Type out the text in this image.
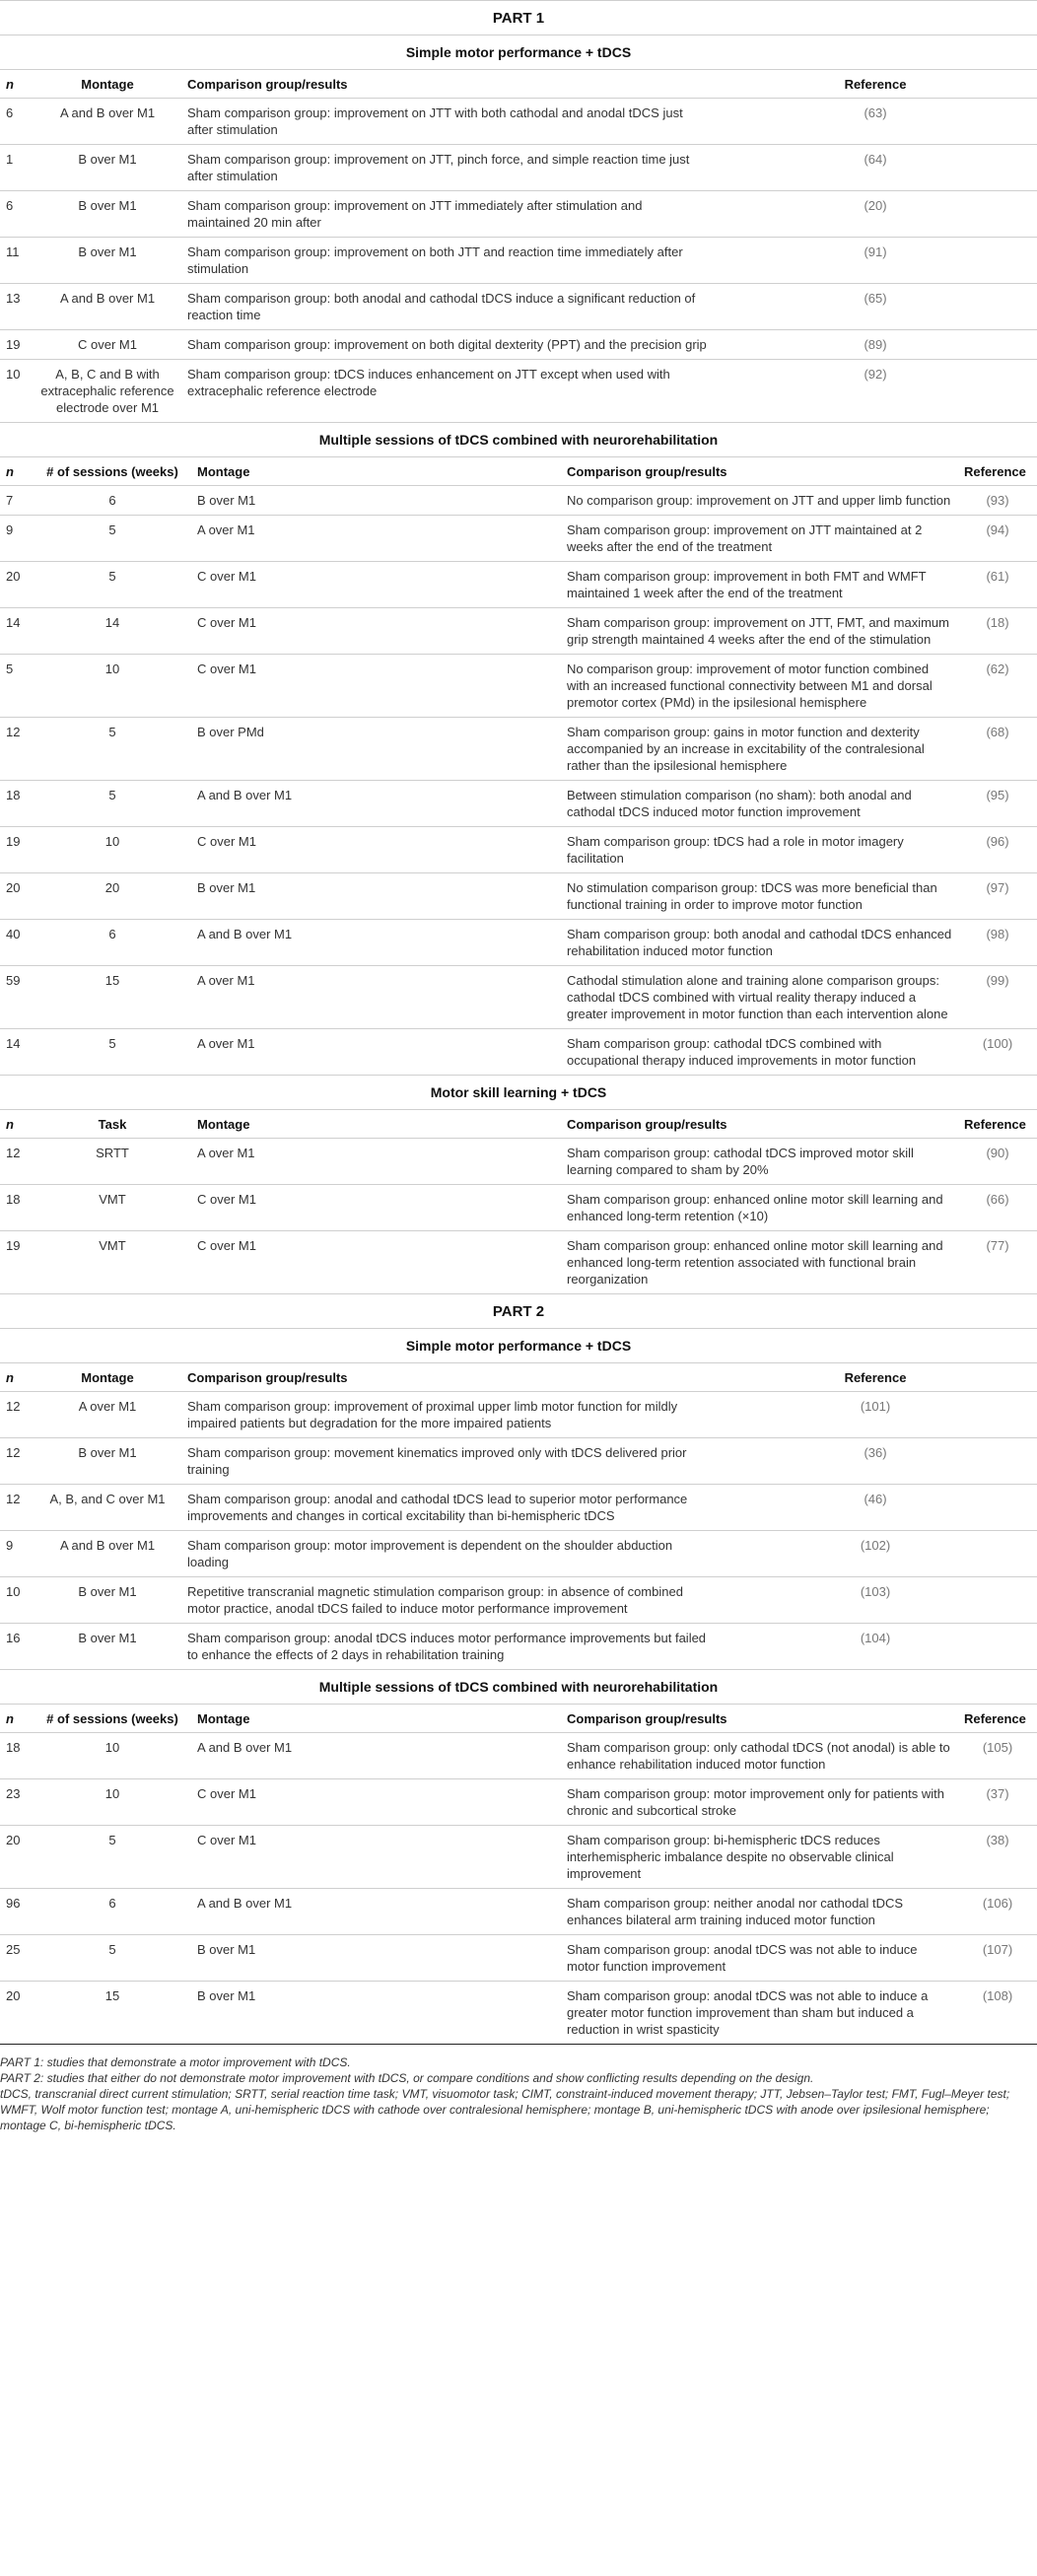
PART 1
Simple motor performance + tDCS
n	Montage	Comparison group/results	Reference
6	A and B over M1	Sham comparison group: improvement on JTT with both cathodal and anodal tDCS just after stimulation	(63)
1	B over M1	Sham comparison group: improvement on JTT, pinch force, and simple reaction time just after stimulation	(64)
6	B over M1	Sham comparison group: improvement on JTT immediately after stimulation and maintained 20 min after	(20)
11	B over M1	Sham comparison group: improvement on both JTT and reaction time immediately after stimulation	(91)
13	A and B over M1	Sham comparison group: both anodal and cathodal tDCS induce a significant reduction of reaction time	(65)
19	C over M1	Sham comparison group: improvement on both digital dexterity (PPT) and the precision grip	(89)
10	A, B, C and B with extracephalic reference electrode over M1	Sham comparison group: tDCS induces enhancement on JTT except when used with extracephalic reference electrode	(92)
Multiple sessions of tDCS combined with neurorehabilitation
n	# of sessions (weeks)	Montage	Comparison group/results	Reference
7	6	B over M1	No comparison group: improvement on JTT and upper limb function	(93)
9	5	A over M1	Sham comparison group: improvement on JTT maintained at 2 weeks after the end of the treatment	(94)
20	5	C over M1	Sham comparison group: improvement in both FMT and WMFT maintained 1 week after the end of the treatment	(61)
14	14	C over M1	Sham comparison group: improvement on JTT, FMT, and maximum grip strength maintained 4 weeks after the end of the stimulation	(18)
5	10	C over M1	No comparison group: improvement of motor function combined with an increased functional connectivity between M1 and dorsal premotor cortex (PMd) in the ipsilesional hemisphere	(62)
12	5	B over PMd	Sham comparison group: gains in motor function and dexterity accompanied by an increase in excitability of the contralesional rather than the ipsilesional hemisphere	(68)
18	5	A and B over M1	Between stimulation comparison (no sham): both anodal and cathodal tDCS induced motor function improvement	(95)
19	10	C over M1	Sham comparison group: tDCS had a role in motor imagery facilitation	(96)
20	20	B over M1	No stimulation comparison group: tDCS was more beneficial than functional training in order to improve motor function	(97)
40	6	A and B over M1	Sham comparison group: both anodal and cathodal tDCS enhanced rehabilitation induced motor function	(98)
59	15	A over M1	Cathodal stimulation alone and training alone comparison groups: cathodal tDCS combined with virtual reality therapy induced a greater improvement in motor function than each intervention alone	(99)
14	5	A over M1	Sham comparison group: cathodal tDCS combined with occupational therapy induced improvements in motor function	(100)
Motor skill learning + tDCS
n	Task	Montage	Comparison group/results	Reference
12	SRTT	A over M1	Sham comparison group: cathodal tDCS improved motor skill learning compared to sham by 20%	(90)
18	VMT	C over M1	Sham comparison group: enhanced online motor skill learning and enhanced long-term retention (×10)	(66)
19	VMT	C over M1	Sham comparison group: enhanced online motor skill learning and enhanced long-term retention associated with functional brain reorganization	(77)
PART 2
Simple motor performance + tDCS
n	Montage	Comparison group/results	Reference
12	A over M1	Sham comparison group: improvement of proximal upper limb motor function for mildly impaired patients but degradation for the more impaired patients	(101)
12	B over M1	Sham comparison group: movement kinematics improved only with tDCS delivered prior training	(36)
12	A, B, and C over M1	Sham comparison group: anodal and cathodal tDCS lead to superior motor performance improvements and changes in cortical excitability than bi-hemispheric tDCS	(46)
9	A and B over M1	Sham comparison group: motor improvement is dependent on the shoulder abduction loading	(102)
10	B over M1	Repetitive transcranial magnetic stimulation comparison group: in absence of combined motor practice, anodal tDCS failed to induce motor performance improvement	(103)
16	B over M1	Sham comparison group: anodal tDCS induces motor performance improvements but failed to enhance the effects of 2 days in rehabilitation training	(104)
Multiple sessions of tDCS combined with neurorehabilitation
n	# of sessions (weeks)	Montage	Comparison group/results	Reference
18	10	A and B over M1	Sham comparison group: only cathodal tDCS (not anodal) is able to enhance rehabilitation induced motor function	(105)
23	10	C over M1	Sham comparison group: motor improvement only for patients with chronic and subcortical stroke	(37)
20	5	C over M1	Sham comparison group: bi-hemispheric tDCS reduces interhemispheric imbalance despite no observable clinical improvement	(38)
96	6	A and B over M1	Sham comparison group: neither anodal nor cathodal tDCS enhances bilateral arm training induced motor function	(106)
25	5	B over M1	Sham comparison group: anodal tDCS was not able to induce motor function improvement	(107)
20	15	B over M1	Sham comparison group: anodal tDCS was not able to induce a greater motor function improvement than sham but induced a reduction in wrist spasticity	(108)
PART 1: studies that demonstrate a motor improvement with tDCS.
PART 2: studies that either do not demonstrate motor improvement with tDCS, or compare conditions and show conflicting results depending on the design.
tDCS, transcranial direct current stimulation; SRTT, serial reaction time task; VMT, visuomotor task; CIMT, constraint-induced movement therapy; JTT, Jebsen–Taylor test; FMT, Fugl–Meyer test; WMFT, Wolf motor function test; montage A, uni-hemispheric tDCS with cathode over contralesional hemisphere; montage B, uni-hemispheric tDCS with anode over ipsilesional hemisphere; montage C, bi-hemispheric tDCS.
